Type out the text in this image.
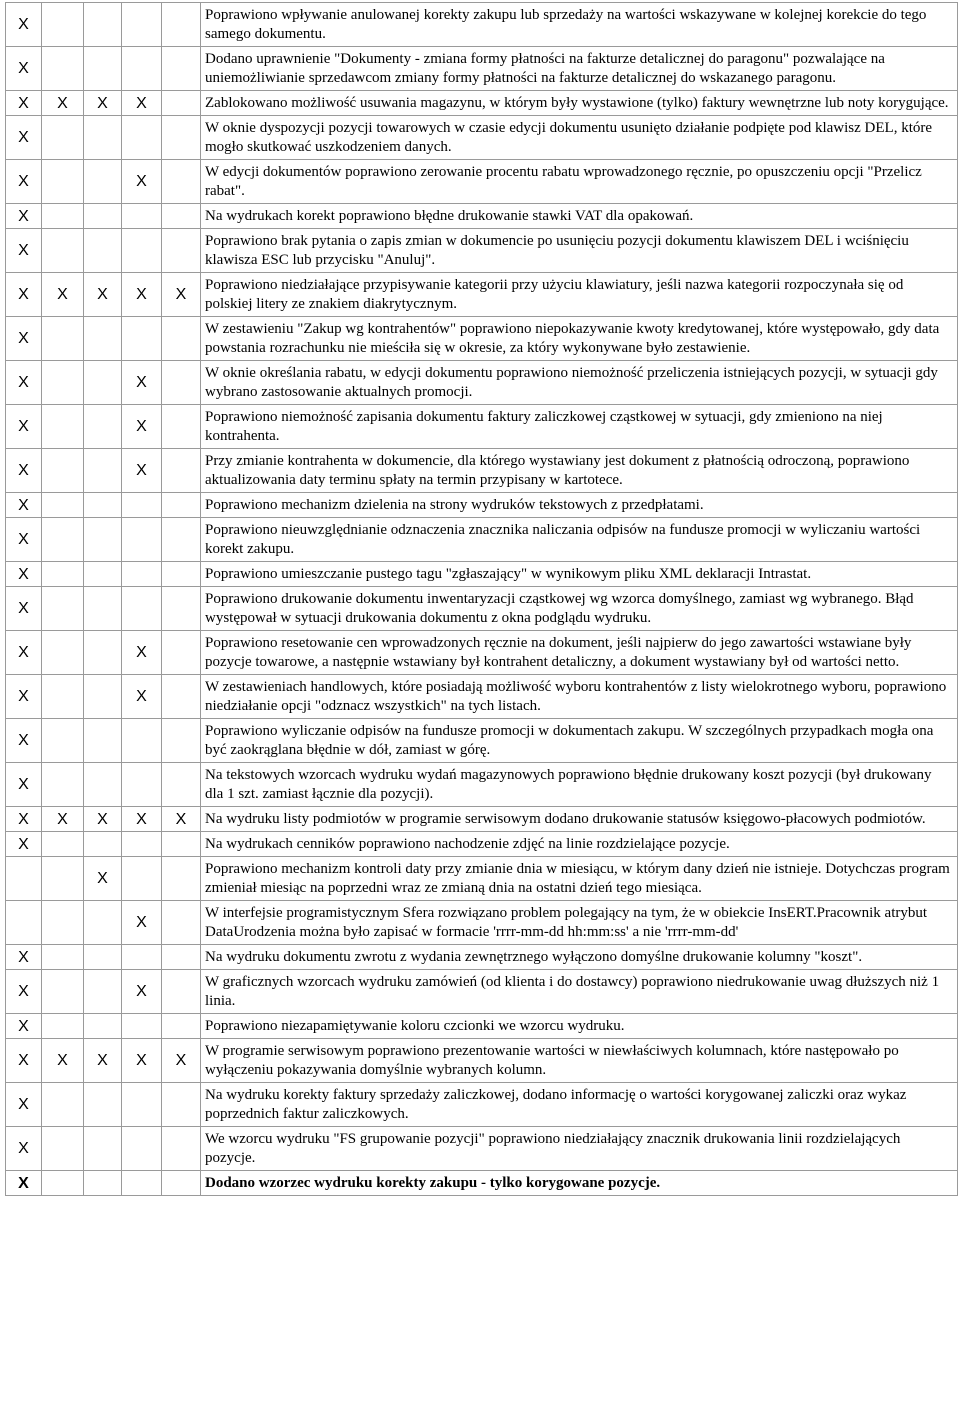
X					Poprawiono wpływanie anulowanej korekty zakupu lub sprzedaży na wartości wskazywane w kolejnej korekcie do tego samego dokumentu.
X					Dodano uprawnienie "Dokumenty - zmiana formy płatności na fakturze detalicznej do paragonu" pozwalające na uniemożliwianie sprzedawcom zmiany formy płatności na fakturze detalicznej do wskazanego paragonu.
X	X	X	X		Zablokowano możliwość usuwania magazynu, w którym były wystawione (tylko) faktury wewnętrzne lub noty korygujące.
X					W oknie dyspozycji pozycji towarowych w czasie edycji dokumentu usunięto działanie podpięte pod klawisz DEL, które mogło skutkować uszkodzeniem danych.
X			X		W edycji dokumentów poprawiono zerowanie procentu rabatu wprowadzonego ręcznie, po opuszczeniu opcji "Przelicz rabat".
X					Na wydrukach korekt poprawiono błędne drukowanie stawki VAT dla opakowań.
X					Poprawiono brak pytania o zapis zmian w dokumencie po usunięciu pozycji dokumentu klawiszem DEL i wciśnięciu klawisza ESC lub przycisku "Anuluj".
X	X	X	X	X	Poprawiono niedziałające przypisywanie kategorii przy użyciu klawiatury, jeśli nazwa kategorii rozpoczynała się od polskiej litery ze znakiem diakrytycznym.
X					W zestawieniu "Zakup wg kontrahentów" poprawiono niepokazywanie kwoty kredytowanej, które występowało, gdy data powstania rozrachunku nie mieściła się w okresie, za który wykonywane było zestawienie.
X			X		W oknie określania rabatu, w edycji dokumentu poprawiono niemożność przeliczenia istniejących pozycji, w sytuacji gdy wybrano zastosowanie aktualnych promocji.
X			X		Poprawiono niemożność zapisania dokumentu faktury zaliczkowej cząstkowej w sytuacji, gdy zmieniono na niej kontrahenta.
X			X		Przy zmianie kontrahenta w dokumencie, dla którego wystawiany jest dokument z płatnością odroczoną, poprawiono aktualizowania daty terminu spłaty na termin przypisany w kartotece.
X					Poprawiono mechanizm dzielenia na strony wydruków tekstowych z przedpłatami.
X					Poprawiono nieuwzględnianie odznaczenia znacznika naliczania odpisów na fundusze promocji w wyliczaniu wartości korekt zakupu.
X					Poprawiono umieszczanie pustego tagu "zgłaszający" w wynikowym pliku XML deklaracji Intrastat.
X					Poprawiono drukowanie dokumentu inwentaryzacji cząstkowej wg wzorca domyślnego, zamiast wg wybranego. Błąd występował w sytuacji drukowania dokumentu z okna podglądu wydruku.
X			X		Poprawiono resetowanie cen wprowadzonych ręcznie na dokument, jeśli najpierw do jego zawartości wstawiane były pozycje towarowe, a następnie wstawiany był kontrahent detaliczny, a dokument wystawiany był od wartości netto.
X			X		W zestawieniach handlowych, które posiadają możliwość wyboru kontrahentów z listy wielokrotnego wyboru, poprawiono niedziałanie opcji "odznacz wszystkich" na tych listach.
X					Poprawiono wyliczanie odpisów na fundusze promocji w dokumentach zakupu. W szczególnych przypadkach mogła ona być zaokrąglana błędnie w dół, zamiast w górę.
X					Na tekstowych wzorcach wydruku wydań magazynowych poprawiono błędnie drukowany koszt pozycji (był drukowany dla 1 szt. zamiast łącznie dla pozycji).
X	X	X	X	X	Na wydruku listy podmiotów w programie serwisowym dodano drukowanie statusów księgowo-płacowych podmiotów.
X					Na wydrukach cenników poprawiono nachodzenie zdjęć na linie rozdzielające pozycje.
		X			Poprawiono mechanizm kontroli daty przy zmianie dnia w miesiącu, w którym dany dzień nie istnieje. Dotychczas program zmieniał miesiąc na poprzedni wraz ze zmianą dnia na ostatni dzień tego miesiąca.
			X		W interfejsie programistycznym Sfera rozwiązano problem polegający na tym, że w obiekcie InsERT.Pracownik atrybut DataUrodzenia można było zapisać w formacie 'rrrr-mm-dd hh:mm:ss' a nie 'rrrr-mm-dd'
X					Na wydruku dokumentu zwrotu z wydania zewnętrznego wyłączono domyślne drukowanie kolumny "koszt".
X			X		W graficznych wzorcach wydruku zamówień (od klienta i do dostawcy) poprawiono niedrukowanie uwag dłuższych niż 1 linia.
X					Poprawiono niezapamiętywanie koloru czcionki we wzorcu wydruku.
X	X	X	X	X	W programie serwisowym poprawiono prezentowanie wartości w niewłaściwych kolumnach, które następowało po wyłączeniu pokazywania domyślnie wybranych kolumn.
X					Na wydruku korekty faktury sprzedaży zaliczkowej, dodano informację o wartości korygowanej zaliczki oraz wykaz poprzednich faktur zaliczkowych.
X					We wzorcu wydruku "FS grupowanie pozycji" poprawiono niedziałający znacznik drukowania linii rozdzielających pozycje.
X					Dodano wzorzec wydruku korekty zakupu - tylko korygowane pozycje.
